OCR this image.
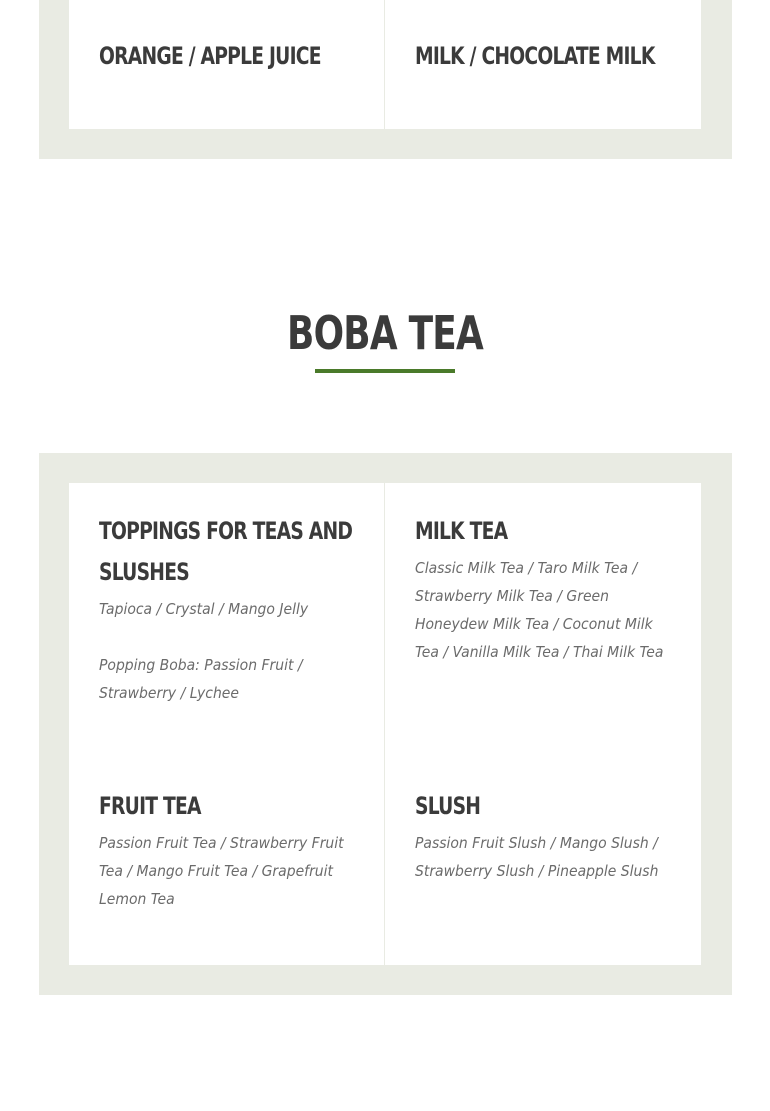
ORANGE / APPLE JUICE	MILK / CHOCOLATE MILK
BOBA TEA
TOPPINGS FOR TEAS AND SLUSHES

Tapioca / Crystal / Mango Jelly

Popping Boba: Passion Fruit / Strawberry / Lychee

MILK TEA

Classic Milk Tea / Taro Milk Tea / Strawberry Milk Tea / Green Honeydew Milk Tea / Coconut Milk Tea / Vanilla Milk Tea / Thai Milk Tea

FRUIT TEA

Passion Fruit Tea / Strawberry Fruit Tea / Mango Fruit Tea / Grapefruit Lemon Tea

SLUSH

Passion Fruit Slush / Mango Slush / Strawberry Slush / Pineapple Slush
